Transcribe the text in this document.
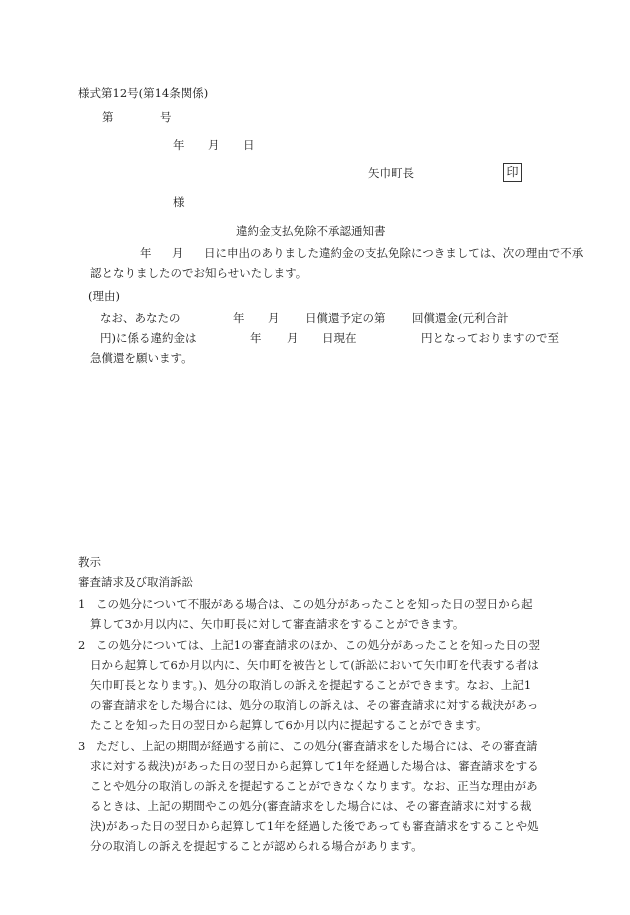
様式第12号(第14条関係)
第	号
年 月 日
矢巾町長	印
様
違約金支払免除不承認通知書
年 月 日に申出のありました違約金の支払免除につきましては、次の理由で不承
認となりましたのでお知らせいたします。
(理由)
なお、あなたの	年 月 日償還予定の第 回償還金(元利合計
円)に係る違約金は	年 月 日現在	円となっておりますので至
急償還を願います。
教示
審査請求及び取消訴訟
1 この処分について不服がある場合は、この処分があったことを知った日の翌日から起
算して3か月以内に、矢巾町長に対して審査請求をすることができます。
2 この処分については、上記1の審査請求のほか、この処分があったことを知った日の翌
日から起算して6か月以内に、矢巾町を被告として(訴訟において矢巾町を代表する者は
矢巾町長となります。)、処分の取消しの訴えを提起することができます。なお、上記1
の審査請求をした場合には、処分の取消しの訴えは、その審査請求に対する裁決があっ
たことを知った日の翌日から起算して6か月以内に提起することができます。
3 ただし、上記の期間が経過する前に、この処分(審査請求をした場合には、その審査請
求に対する裁決)があった日の翌日から起算して1年を経過した場合は、審査請求をする
ことや処分の取消しの訴えを提起することができなくなります。なお、正当な理由があ
るときは、上記の期間やこの処分(審査請求をした場合には、その審査請求に対する裁
決)があった日の翌日から起算して1年を経過した後であっても審査請求をすることや処
分の取消しの訴えを提起することが認められる場合があります。
